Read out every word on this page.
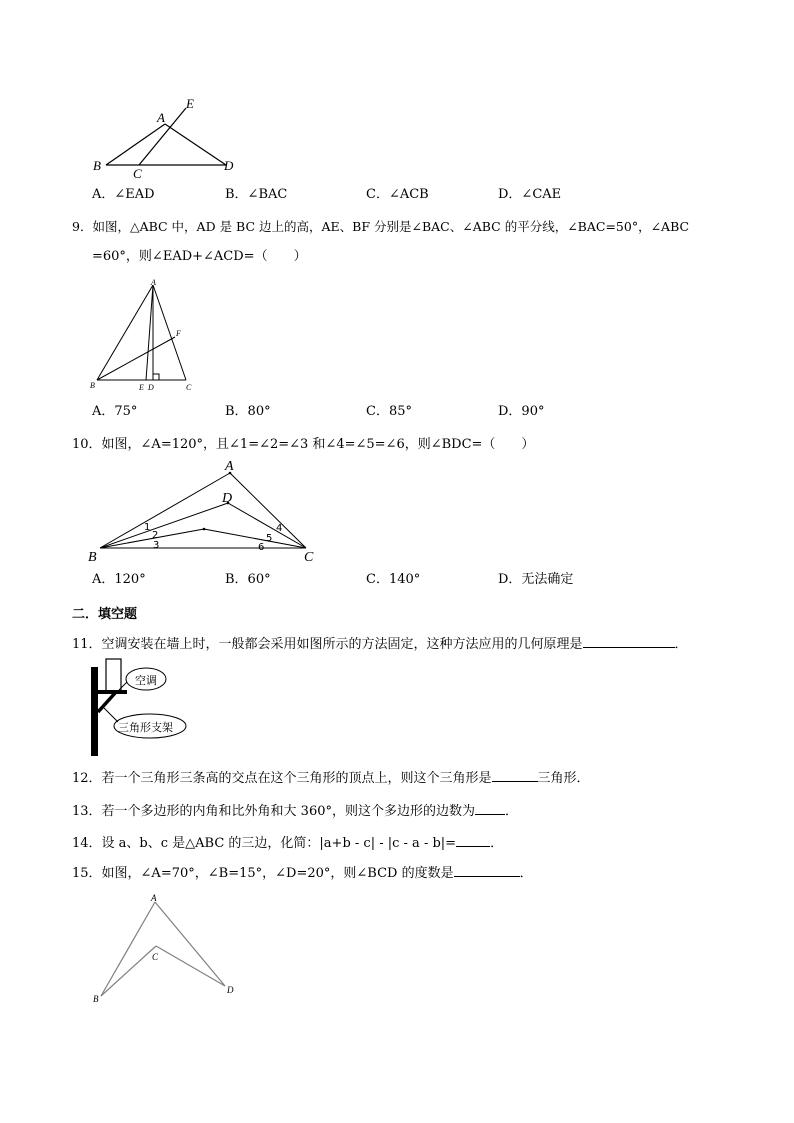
A
B
C
D
E
A．∠EAD	B．∠BAC	C．∠ACB	D．∠CAE
9．如图，△ABC 中，AD 是 BC 边上的高，AE、BF 分别是∠BAC、∠ABC 的平分线，∠BAC=50°，∠ABC
=60°，则∠EAD+∠ACD=（　　）
A
B	E D	C
F
A．75°	B．80°	C．85°	D．90°
10．如图，∠A=120°，且∠1=∠2=∠3 和∠4=∠5=∠6，则∠BDC=（　　）
A
D
B	C
1
2
3
4
5
6
A．120°	B．60°	C．140°	D．无法确定
二．填空题
11．空调安装在墙上时，一般都会采用如图所示的方法固定，这种方法应用的几何原理是	．
空调
三角形支架
12．若一个三角形三条高的交点在这个三角形的顶点上，则这个三角形是	三角形．
13．若一个多边形的内角和比外角和大 360°，则这个多边形的边数为 ．
14．设 a、b、c 是△ABC 的三边，化简：|a+b - c| - |c - a - b|=	．
15．如图，∠A=70°，∠B=15°，∠D=20°，则∠BCD 的度数是	．
A
C
B
D
